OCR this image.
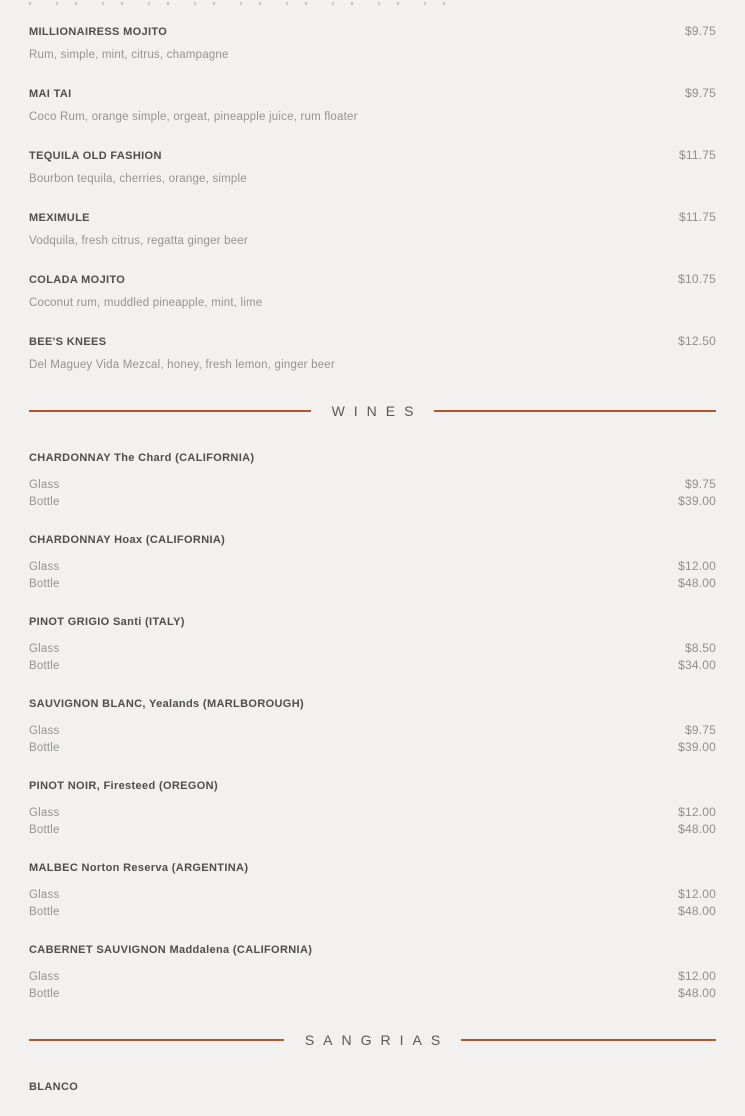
MILLIONAIRESS MOJITO	$9.75
Rum, simple, mint, citrus, champagne
MAI TAI	$9.75
Coco Rum, orange simple, orgeat, pineapple juice, rum floater
TEQUILA OLD FASHION	$11.75
Bourbon tequila, cherries, orange, simple
MEXIMULE	$11.75
Vodquila, fresh citrus, regatta ginger beer
COLADA MOJITO	$10.75
Coconut rum, muddled pineapple, mint, lime
BEE'S KNEES	$12.50
Del Maguey Vida Mezcal, honey, fresh lemon, ginger beer
WINES
CHARDONNAY The Chard (CALIFORNIA)
Glass	$9.75
Bottle	$39.00
CHARDONNAY Hoax (CALIFORNIA)
Glass	$12.00
Bottle	$48.00
PINOT GRIGIO Santi (ITALY)
Glass	$8.50
Bottle	$34.00
SAUVIGNON BLANC, Yealands (MARLBOROUGH)
Glass	$9.75
Bottle	$39.00
PINOT NOIR, Firesteed (OREGON)
Glass	$12.00
Bottle	$48.00
MALBEC Norton Reserva (ARGENTINA)
Glass	$12.00
Bottle	$48.00
CABERNET SAUVIGNON Maddalena (CALIFORNIA)
Glass	$12.00
Bottle	$48.00
SANGRIAS
BLANCO
